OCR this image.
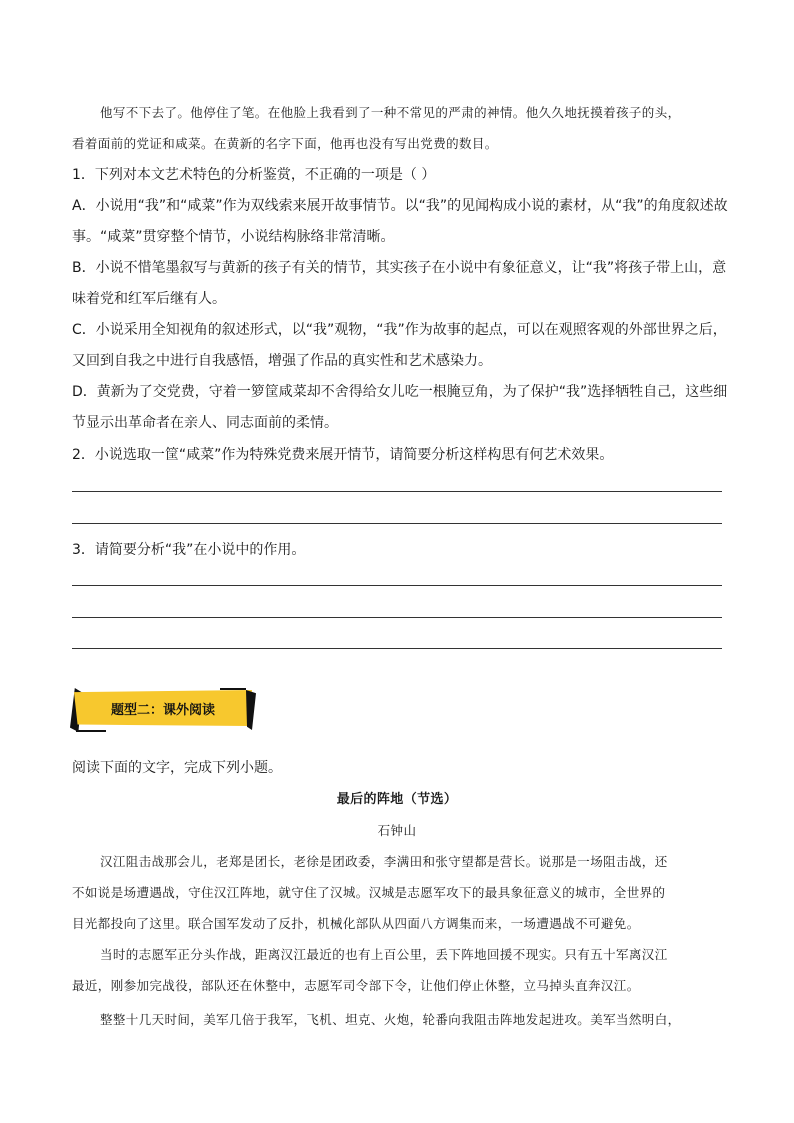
他写不下去了。他停住了笔。在他脸上我看到了一种不常见的严肃的神情。他久久地抚摸着孩子的头，
看着面前的党证和咸菜。在黄新的名字下面，他再也没有写出党费的数目。
1．下列对本文艺术特色的分析鉴赏，不正确的一项是（ ）
A．小说用“我”和“咸菜”作为双线索来展开故事情节。以“我”的见闻构成小说的素材，从“我”的角度叙述故
事。“咸菜”贯穿整个情节，小说结构脉络非常清晰。
B．小说不惜笔墨叙写与黄新的孩子有关的情节，其实孩子在小说中有象征意义，让“我”将孩子带上山，意
味着党和红军后继有人。
C．小说采用全知视角的叙述形式，以“我”观物，“我”作为故事的起点，可以在观照客观的外部世界之后，
又回到自我之中进行自我感悟，增强了作品的真实性和艺术感染力。
D．黄新为了交党费，守着一箩筐咸菜却不舍得给女儿吃一根腌豆角，为了保护“我”选择牺牲自己，这些细
节显示出革命者在亲人、同志面前的柔情。
2．小说选取一筐“咸菜”作为特殊党费来展开情节，请简要分析这样构思有何艺术效果。
3．请简要分析“我”在小说中的作用。
题型二：课外阅读
阅读下面的文字，完成下列小题。
最后的阵地（节选）
石钟山
汉江阻击战那会儿，老郑是团长，老徐是团政委，李满田和张守望都是营长。说那是一场阻击战，还
不如说是场遭遇战，守住汉江阵地，就守住了汉城。汉城是志愿军攻下的最具象征意义的城市，全世界的
目光都投向了这里。联合国军发动了反扑，机械化部队从四面八方调集而来，一场遭遇战不可避免。
当时的志愿军正分头作战，距离汉江最近的也有上百公里，丢下阵地回援不现实。只有五十军离汉江
最近，刚参加完战役，部队还在休整中，志愿军司令部下令，让他们停止休整，立马掉头直奔汉江。
整整十几天时间，美军几倍于我军，飞机、坦克、火炮，轮番向我阻击阵地发起进攻。美军当然明白，
